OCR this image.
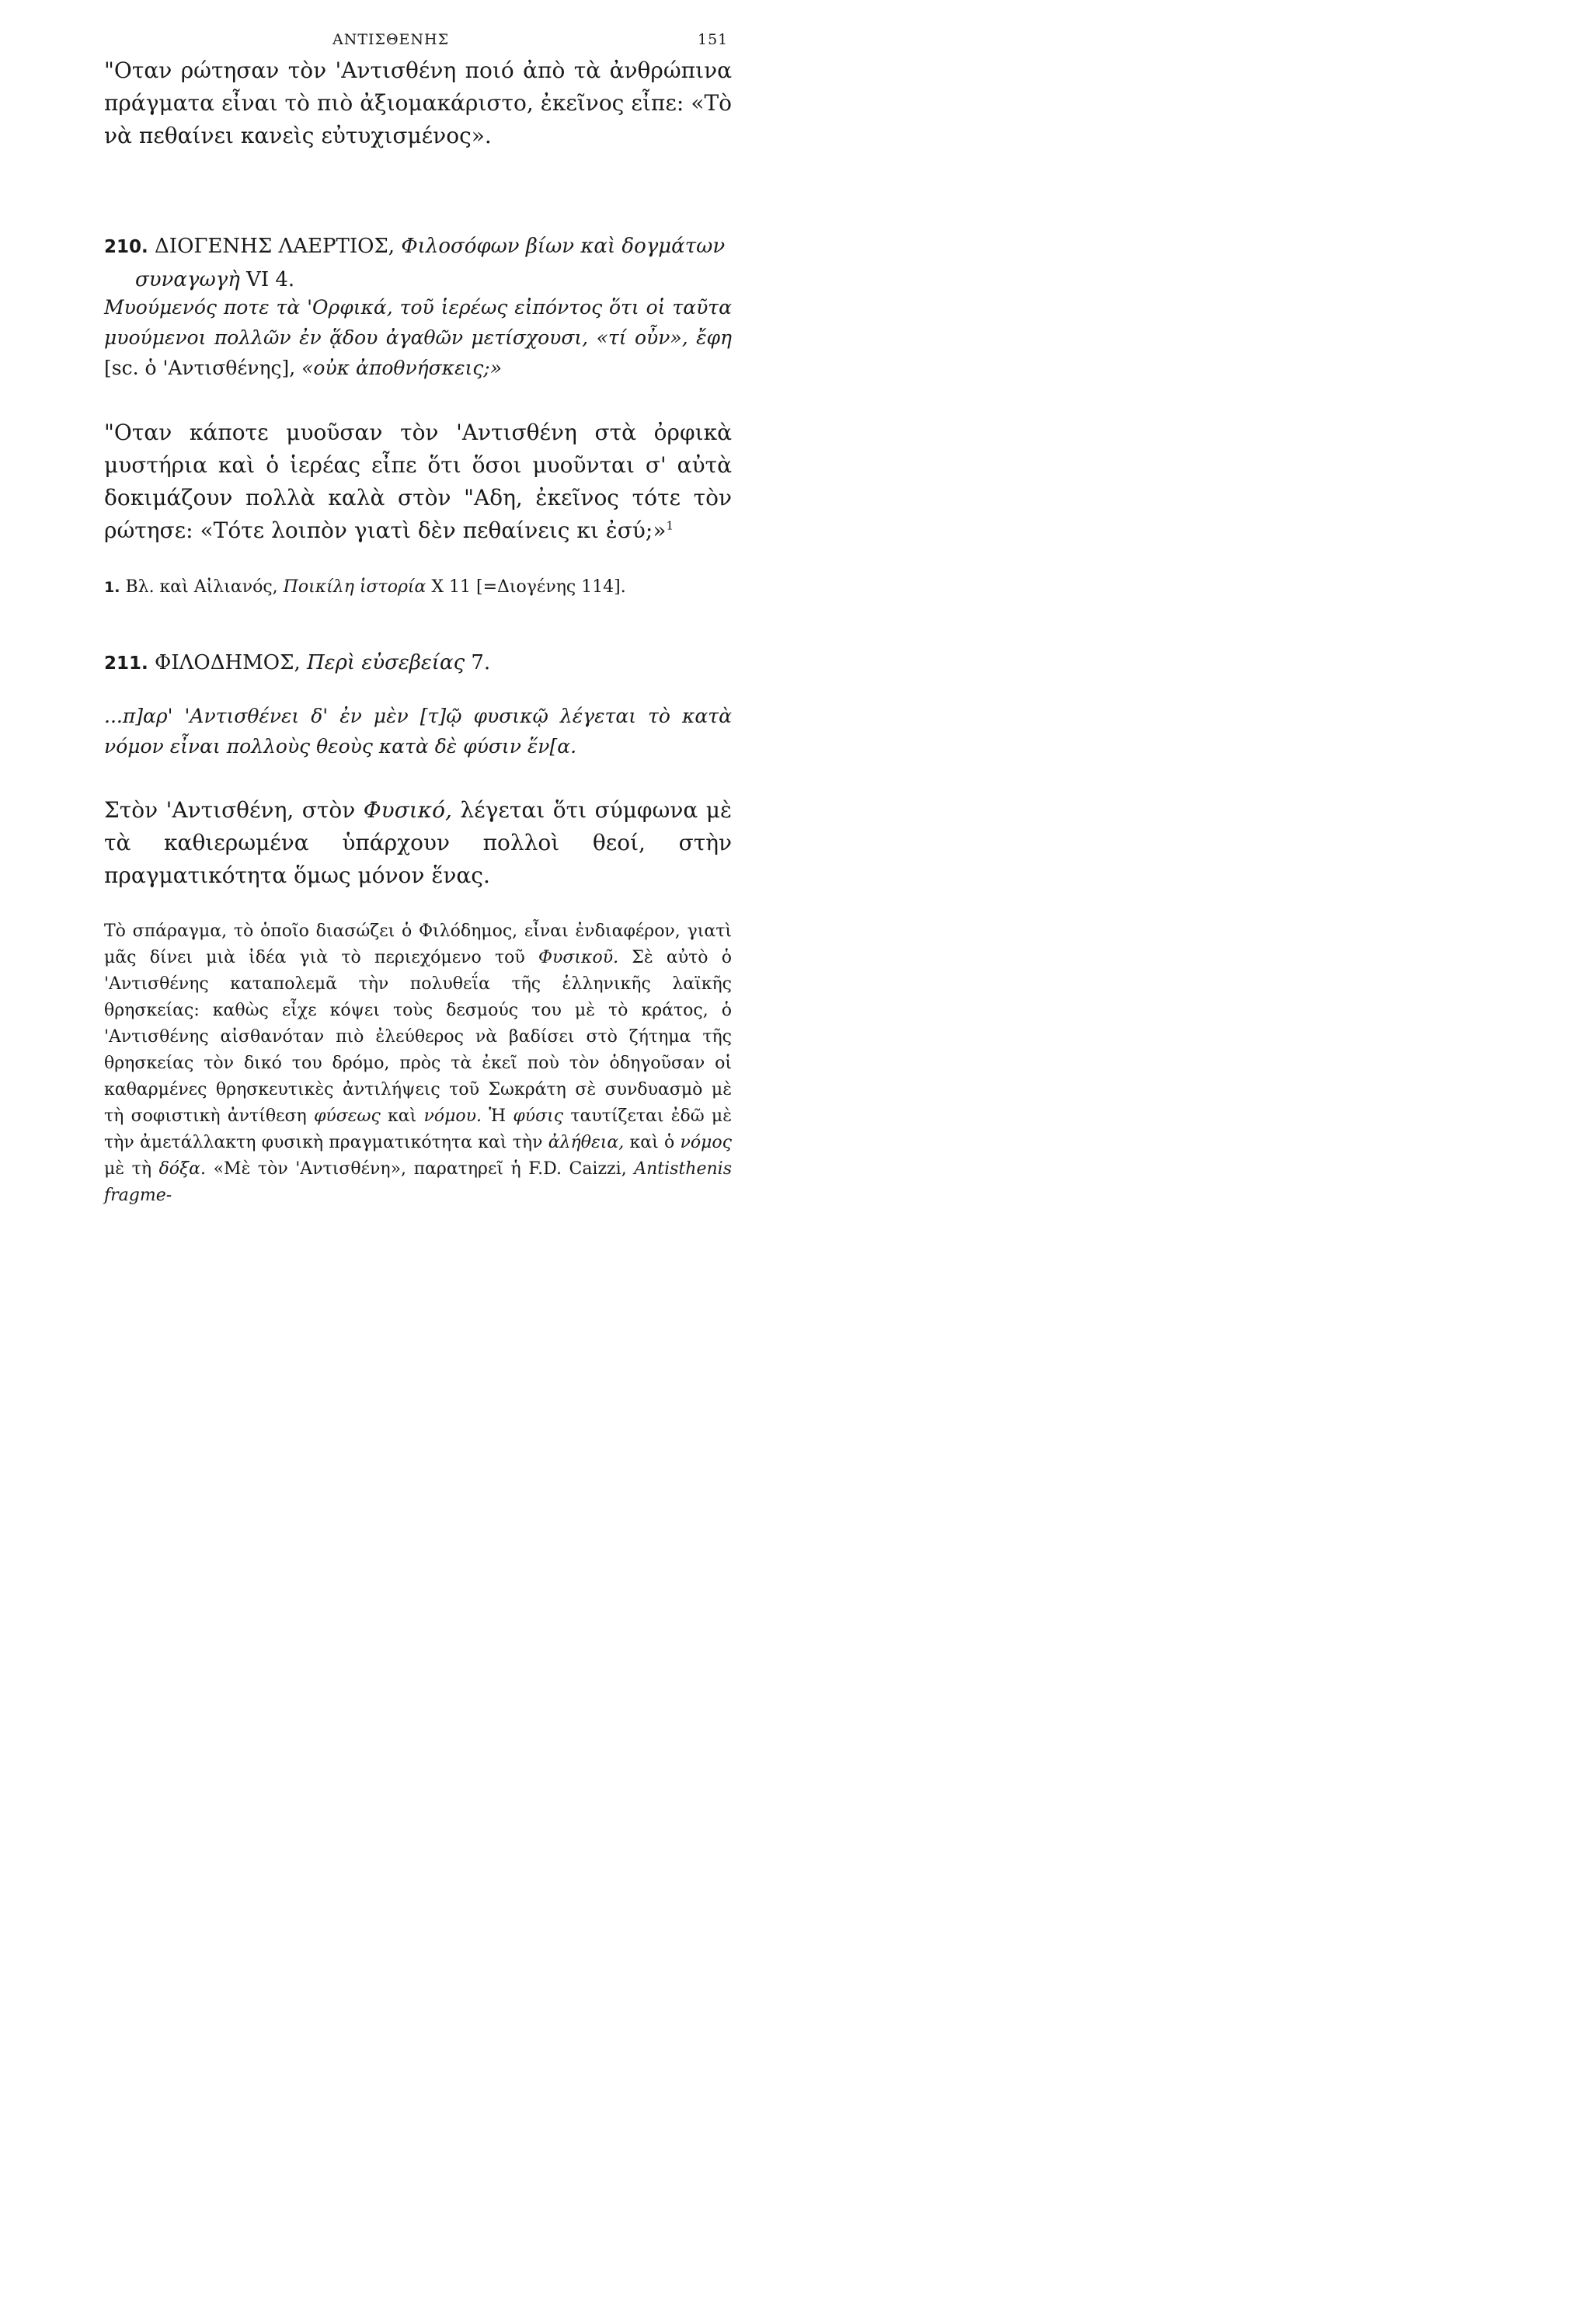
ΑΝΤΙΣΘΕΝΗΣ	151

"Οταν ρώτησαν τὸν 'Αντισθένη ποιό ἀπὸ τὰ ἀνθρώπινα πράγματα εἶναι τὸ πιὸ ἀξιομακάριστο, ἐκεῖνος εἶπε: «Τὸ νὰ πεθαίνει κανεὶς εὐτυχισμένος».

210. ΔΙΟΓΕΝΗΣ ΛΑΕΡΤΙΟΣ, Φιλοσόφων βίων καὶ δογμάτων συναγωγὴ VI 4.

Μυούμενός ποτε τὰ 'Ορφικά, τοῦ ἱερέως εἰπόντος ὅτι οἱ ταῦτα μυούμενοι πολλῶν ἐν ᾅδου ἀγαθῶν μετίσχουσι, «τί οὖν», ἔφη [sc. ὁ 'Αντισθένης], «οὐκ ἀποθνήσκεις;»

"Οταν κάποτε μυοῦσαν τὸν 'Αντισθένη στὰ ὀρφικὰ μυστήρια καὶ ὁ ἱερέας εἶπε ὅτι ὅσοι μυοῦνται σ' αὐτὰ δοκιμάζουν πολλὰ καλὰ στὸν "Αδη, ἐκεῖνος τότε τὸν ρώτησε: «Τότε λοιπὸν γιατὶ δὲν πεθαίνεις κι ἐσύ;»$^1$

1. Βλ. καὶ Αἰλιανός, Ποικίλη ἱστορία X 11 [=Διογένης 114].

211. ΦΙΛΟΔΗΜΟΣ, Περὶ εὐσεβείας 7.

...π]αρ' 'Αντισθένει δ' ἐν μὲν [τ]ῷ φυσικῷ λέγεται τὸ κατὰ νόμον εἶναι πολλοὺς θεοὺς κατὰ δὲ φύσιν ἕν[α.

Στὸν 'Αντισθένη, στὸν Φυσικό, λέγεται ὅτι σύμφωνα μὲ τὰ καθιερωμένα ὑπάρχουν πολλοὶ θεοί, στὴν πραγματικότητα ὅμως μόνον ἕνας.

Τὸ σπάραγμα, τὸ ὁποῖο διασώζει ὁ Φιλόδημος, εἶναι ἐνδιαφέρον, γιατὶ μᾶς δίνει μιὰ ἰδέα γιὰ τὸ περιεχόμενο τοῦ Φυσικοῦ. Σὲ αὐτὸ ὁ 'Αντισθένης καταπολεμᾶ τὴν πολυθεΐα τῆς ἑλληνικῆς λαϊκῆς θρησκείας: καθὼς εἶχε κόψει τοὺς δεσμούς του μὲ τὸ κράτος, ὁ 'Αντισθένης αἰσθανόταν πιὸ ἐλεύθερος νὰ βαδίσει στὸ ζήτημα τῆς θρησκείας τὸν δικό του δρόμο, πρὸς τὰ ἐκεῖ ποὺ τὸν ὁδηγοῦσαν οἱ καθαρμένες θρησκευτικὲς ἀντιλήψεις τοῦ Σωκράτη σὲ συνδυασμὸ μὲ τὴ σοφιστικὴ ἀντίθεση φύσεως καὶ νόμου. Ἡ φύσις ταυτίζεται ἐδῶ μὲ τὴν ἀμετάλλακτη φυσικὴ πραγματικότητα καὶ τὴν ἀλήθεια, καὶ ὁ νόμος μὲ τὴ δόξα. «Μὲ τὸν 'Αντισθένη», παρατηρεῖ ἡ F.D. Caizzi, Antisthenis fragme-
